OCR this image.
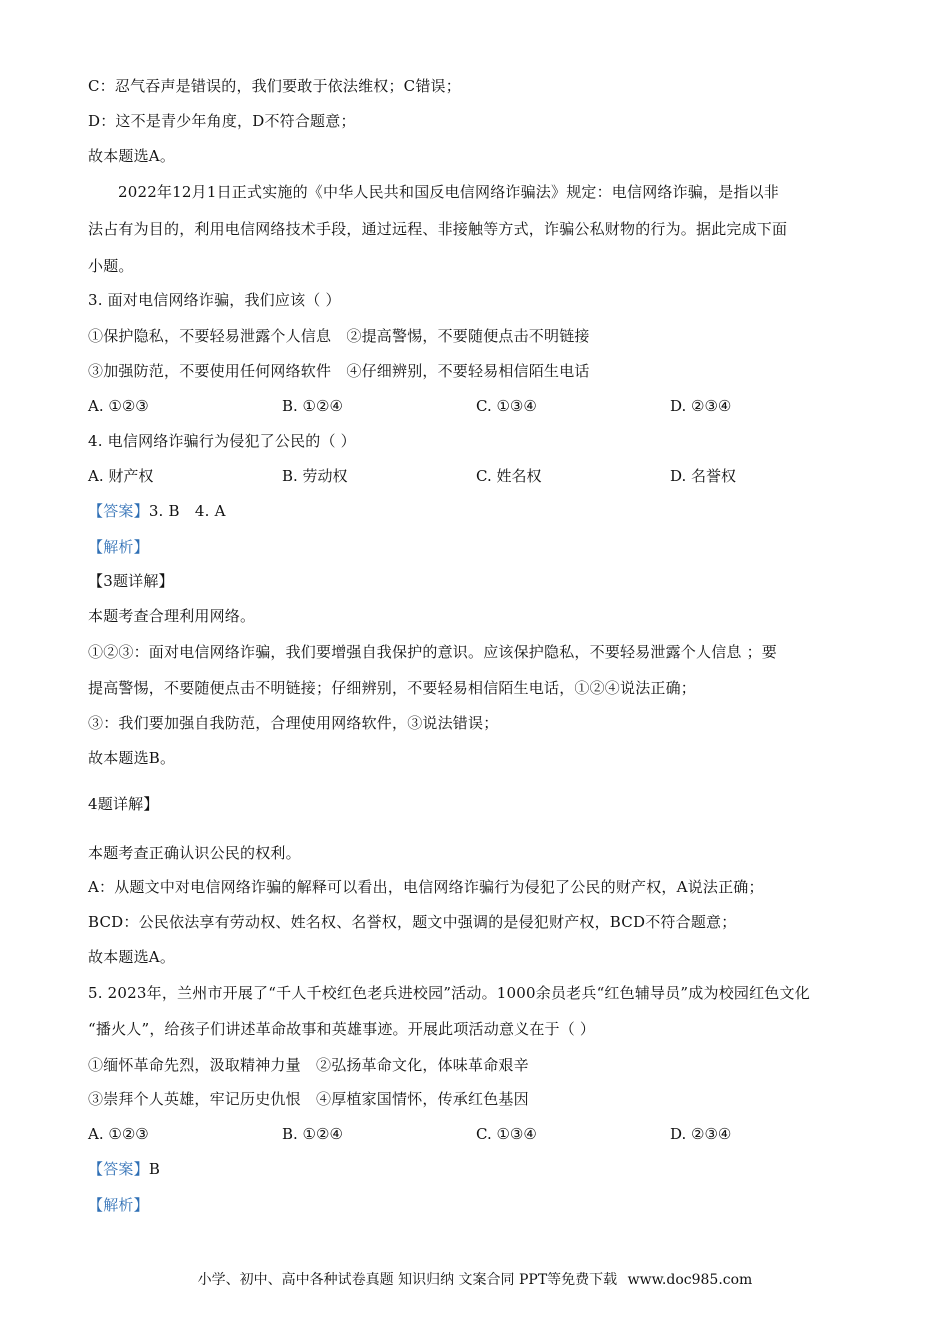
C：忍气吞声是错误的，我们要敢于依法维权；C错误；
D：这不是青少年角度，D不符合题意；
故本题选A。
2022年12月1日正式实施的《中华人民共和国反电信网络诈骗法》规定：电信网络诈骗，是指以非
法占有为目的，利用电信网络技术手段，通过远程、非接触等方式，诈骗公私财物的行为。据此完成下面
小题。
3. 面对电信网络诈骗，我们应该（ ）
①保护隐私，不要轻易泄露个人信息　②提高警惕，不要随便点击不明链接
③加强防范，不要使用任何网络软件　④仔细辨别，不要轻易相信陌生电话
A. ①②③	B. ①②④	C. ①③④	D. ②③④
4. 电信网络诈骗行为侵犯了公民的（ ）
A. 财产权	B. 劳动权	C. 姓名权	D. 名誉权
【答案】3. B　4. A
【解析】
【3题详解】
本题考查合理利用网络。
①②③：面对电信网络诈骗，我们要增强自我保护的意识。应该保护隐私，不要轻易泄露个人信息 ；要
提高警惕，不要随便点击不明链接；仔细辨别，不要轻易相信陌生电话，①②④说法正确；
③：我们要加强自我防范，合理使用网络软件，③说法错误；
故本题选B。
4题详解】
本题考查正确认识公民的权利。
A：从题文中对电信网络诈骗的解释可以看出，电信网络诈骗行为侵犯了公民的财产权，A说法正确；
BCD：公民依法享有劳动权、姓名权、名誉权，题文中强调的是侵犯财产权，BCD不符合题意；
故本题选A。
5. 2023年，兰州市开展了“千人千校红色老兵进校园”活动。1000余员老兵“红色辅导员”成为校园红色文化
“播火人”，给孩子们讲述革命故事和英雄事迹。开展此项活动意义在于（ ）
①缅怀革命先烈，汲取精神力量　②弘扬革命文化，体味革命艰辛
③崇拜个人英雄，牢记历史仇恨　④厚植家国情怀，传承红色基因
A. ①②③	B. ①②④	C. ①③④	D. ②③④
【答案】B
【解析】
小学、初中、高中各种试卷真题 知识归纳 文案合同 PPT等免费下载 www.doc985.com
